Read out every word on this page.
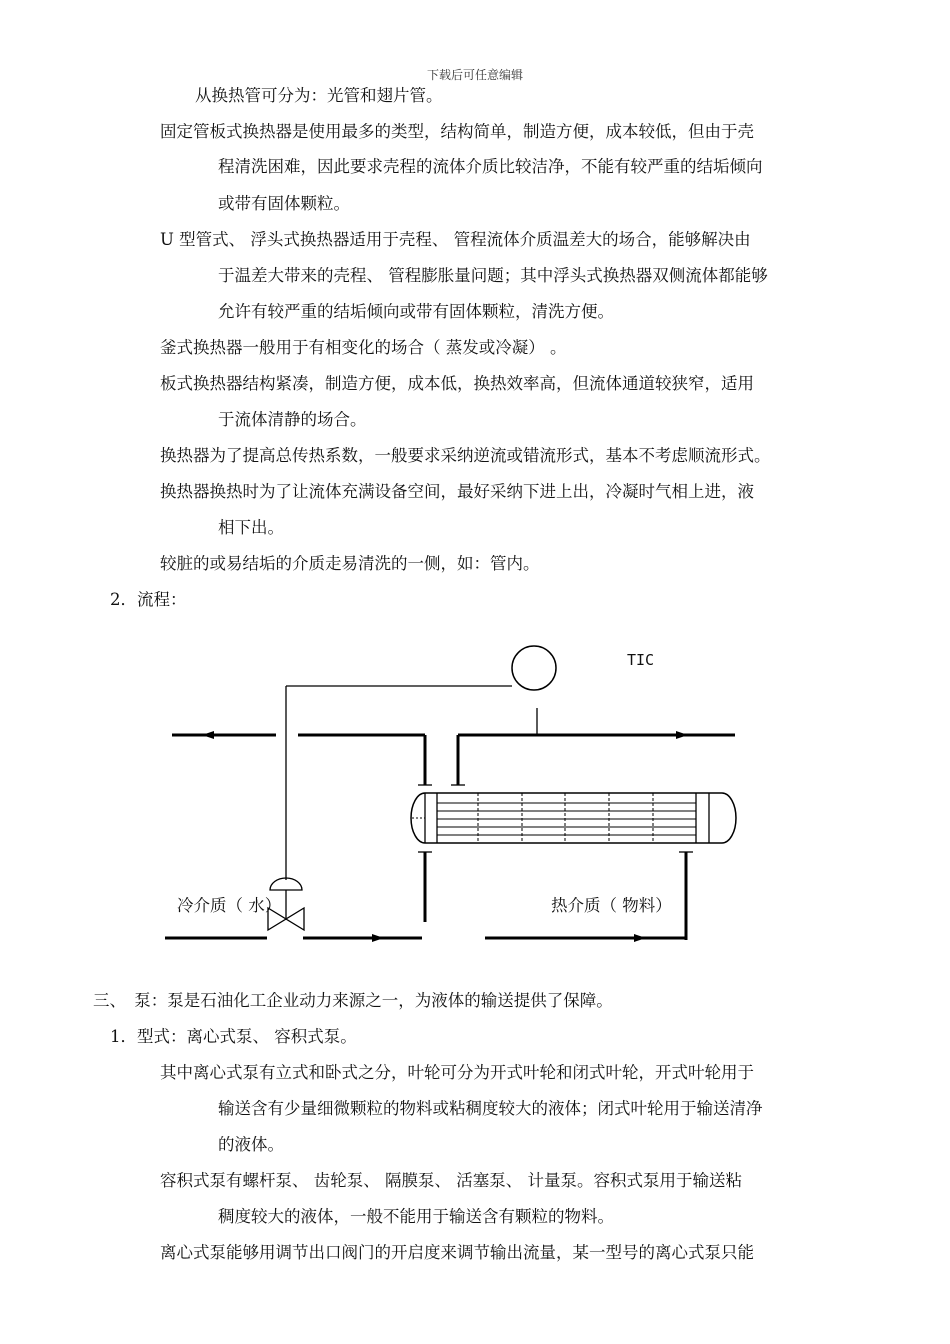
下载后可任意编辑
从换热管可分为：光管和翅片管。
固定管板式换热器是使用最多的类型，结构简单，制造方便，成本较低，但由于壳
程清洗困难，因此要求壳程的流体介质比较洁净，不能有较严重的结垢倾向
或带有固体颗粒。
U 型管式、 浮头式换热器适用于壳程、 管程流体介质温差大的场合，能够解决由
于温差大带来的壳程、 管程膨胀量问题；其中浮头式换热器双侧流体都能够
允许有较严重的结垢倾向或带有固体颗粒，清洗方便。
釜式换热器一般用于有相变化的场合（ 蒸发或冷凝） 。
板式换热器结构紧凑，制造方便，成本低，换热效率高，但流体通道较狭窄，适用
于流体清静的场合。
换热器为了提高总传热系数，一般要求采纳逆流或错流形式，基本不考虑顺流形式。
换热器换热时为了让流体充满设备空间，最好采纳下进上出，冷凝时气相上进，液
相下出。
较脏的或易结垢的介质走易清洗的一侧，如：管内。
2．流程：
TIC
冷介质（ 水）	热介质（ 物料）
三、　泵：泵是石油化工企业动力来源之一，为液体的输送提供了保障。
1．型式：离心式泵、 容积式泵。
其中离心式泵有立式和卧式之分，叶轮可分为开式叶轮和闭式叶轮，开式叶轮用于
输送含有少量细微颗粒的物料或粘稠度较大的液体；闭式叶轮用于输送清净
的液体。
容积式泵有螺杆泵、 齿轮泵、 隔膜泵、 活塞泵、 计量泵。容积式泵用于输送粘
稠度较大的液体，一般不能用于输送含有颗粒的物料。
离心式泵能够用调节出口阀门的开启度来调节输出流量，某一型号的离心式泵只能
